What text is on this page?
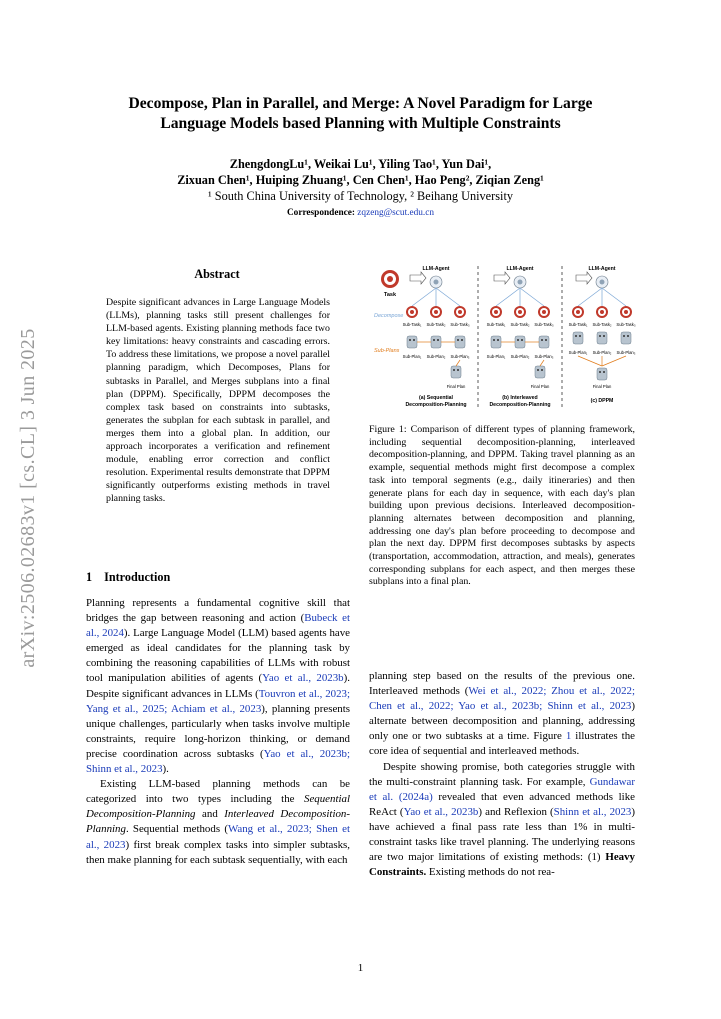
arXiv:2506.02683v1 [cs.CL] 3 Jun 2025
Decompose, Plan in Parallel, and Merge: A Novel Paradigm for Large
Language Models based Planning with Multiple Constraints
ZhengdongLu¹, Weikai Lu¹, Yiling Tao¹, Yun Dai¹,
Zixuan Chen¹, Huiping Zhuang¹, Cen Chen¹, Hao Peng², Ziqian Zeng¹
¹ South China University of Technology, ² Beihang University
Correspondence: zqzeng@scut.edu.cn
Abstract
Despite significant advances in Large Language Models (LLMs), planning tasks still present challenges for LLM-based agents. Existing planning methods face two key limitations: heavy constraints and cascading errors. To address these limitations, we propose a novel parallel planning paradigm, which Decomposes, Plans for subtasks in Parallel, and Merges subplans into a final plan (DPPM). Specifically, DPPM decomposes the complex task based on constraints into subtasks, generates the subplan for each subtask in parallel, and merges them into a global plan. In addition, our approach incorporates a verification and refinement module, enabling error correction and conflict resolution. Experimental results demonstrate that DPPM significantly outperforms existing methods in travel planning tasks.
1 Introduction

Planning represents a fundamental cognitive skill that bridges the gap between reasoning and action (Bubeck et al., 2024). Large Language Model (LLM) based agents have emerged as ideal candidates for the planning task by combining the reasoning capabilities of LLMs with robust tool manipulation abilities of agents (Yao et al., 2023b). Despite significant advances in LLMs (Touvron et al., 2023; Yang et al., 2025; Achiam et al., 2023), planning presents unique challenges, particularly when tasks involve multiple constraints, require long-horizon thinking, or demand precise coordination across subtasks (Yao et al., 2023b; Shinn et al., 2023).

Existing LLM-based planning methods can be categorized into two types including the Sequential Decomposition-Planning and Interleaved Decomposition-Planning. Sequential methods (Wang et al., 2023; Shen et al., 2023) first break complex tasks into simpler subtasks, then make planning for each subtask sequentially, with each

Task
Decompose
Sub-Plans
LLM-Agent
Sub-Task₁
Sub-Plan₁
Sub-Task₂
Sub-Plan₂
Sub-Task₃
Sub-Plan₃
Final Plan
LLM-Agent
Sub-Task₁
Sub-Plan₁
Sub-Task₂
Sub-Plan₂
Sub-Task₃
Sub-Plan₃
Final Plan
LLM-Agent
Sub-Task₁ Sub-Task₂ Sub-Task₃
Sub-Plan₁ Sub-Plan₂ Sub-Plan₃
Final Plan
(a) Sequential
Decomposition-Planning
(b) Interleaved
Decomposition-Planning
(c) DPPM
Figure 1: Comparison of different types of planning framework, including sequential decomposition-planning, interleaved decomposition-planning, and DPPM. Taking travel planning as an example, sequential methods might first decompose a complex task into temporal segments (e.g., daily itineraries) and then generate plans for each day in sequence, with each day's plan building upon previous decisions. Interleaved decomposition-planning alternates between decomposition and planning, addressing one day's plan before proceeding to decompose and plan the next day. DPPM first decomposes subtasks by aspects (transportation, accommodation, attraction, and meals), generates corresponding subplans for each aspect, and then merges these subplans into a final plan.

planning step based on the results of the previous one. Interleaved methods (Wei et al., 2022; Zhou et al., 2022; Chen et al., 2022; Yao et al., 2023b; Shinn et al., 2023) alternate between decomposition and planning, addressing only one or two subtasks at a time. Figure 1 illustrates the core idea of sequential and interleaved methods.

Despite showing promise, both categories struggle with the multi-constraint planning task. For example, Gundawar et al. (2024a) revealed that even advanced methods like ReAct (Yao et al., 2023b) and Reflexion (Shinn et al., 2023) have achieved a final pass rate less than 1% in multi-constraint tasks like travel planning. The underlying reasons are two major limitations of existing methods: (1) Heavy Constraints. Existing methods do not rea-

1
